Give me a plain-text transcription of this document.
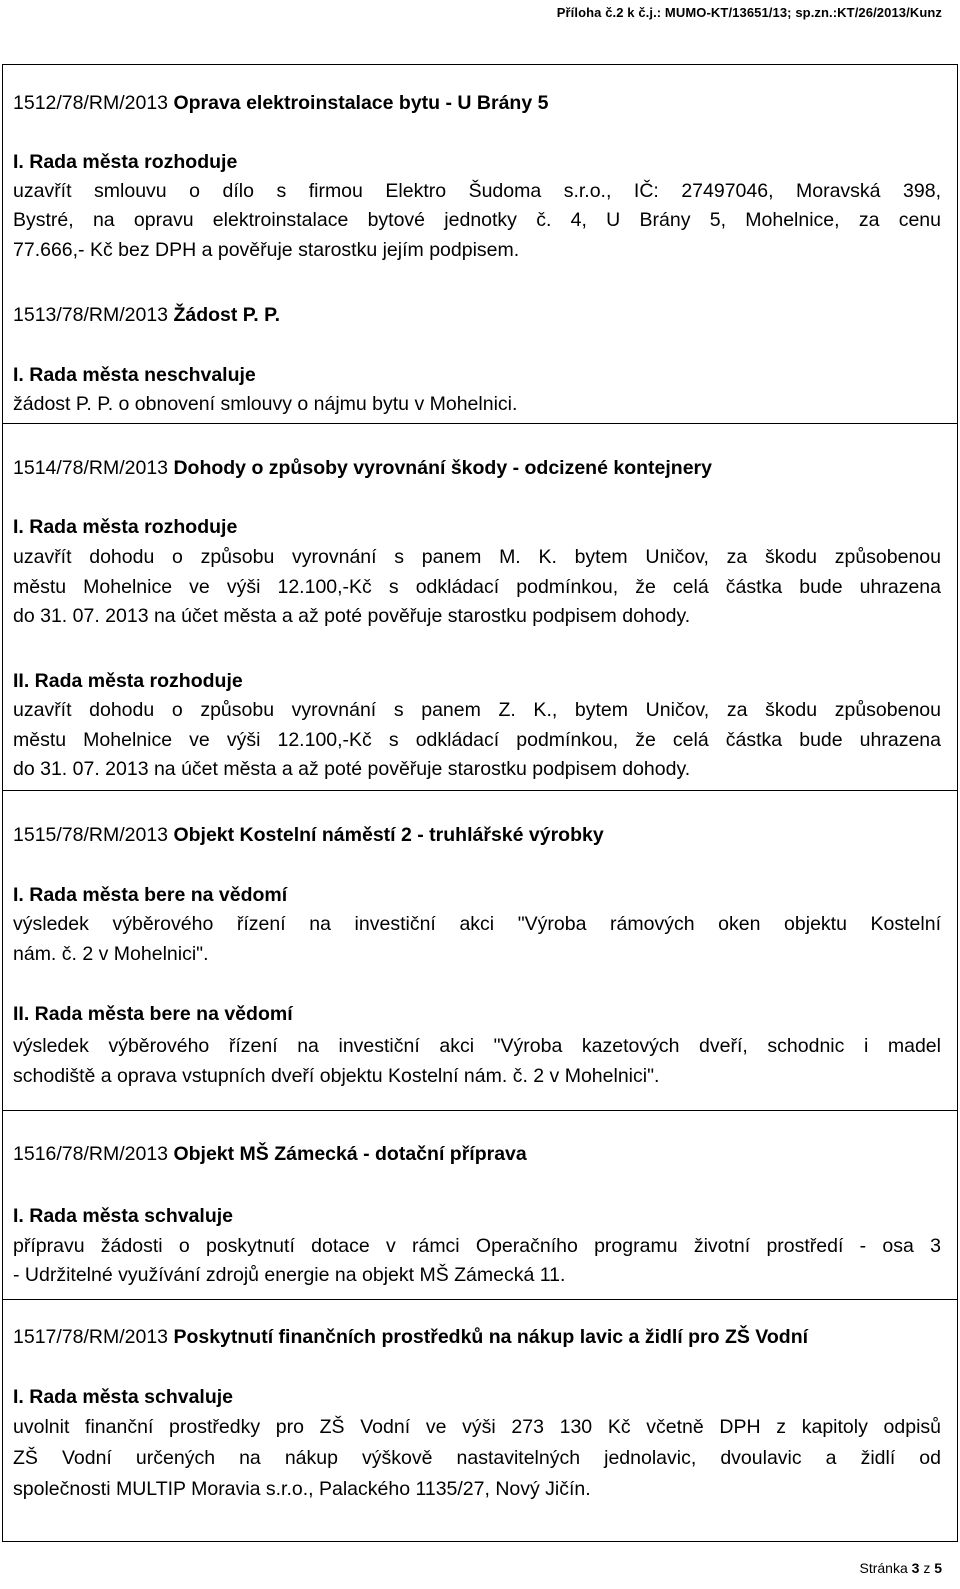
Příloha č.2 k č.j.: MUMO-KT/13651/13; sp.zn.:KT/26/2013/Kunz
1512/78/RM/2013 Oprava elektroinstalace bytu - U Brány 5
I. Rada města rozhoduje
uzavřít smlouvu o dílo s firmou Elektro Šudoma s.r.o., IČ: 27497046, Moravská 398,
Bystré, na opravu elektroinstalace bytové jednotky č. 4, U Brány 5, Mohelnice, za cenu
77.666,- Kč bez DPH a pověřuje starostku jejím podpisem.
1513/78/RM/2013 Žádost P. P.
I. Rada města neschvaluje
žádost P. P. o obnovení smlouvy o nájmu bytu v Mohelnici.
1514/78/RM/2013 Dohody o způsoby vyrovnání škody - odcizené kontejnery
I. Rada města rozhoduje
uzavřít dohodu o způsobu vyrovnání s panem M. K. bytem Uničov, za škodu způsobenou
městu Mohelnice ve výši 12.100,-Kč s odkládací podmínkou, že celá částka bude uhrazena
do 31. 07. 2013 na účet města a až poté pověřuje starostku podpisem dohody.
II. Rada města rozhoduje
uzavřít dohodu o způsobu vyrovnání s panem Z. K., bytem Uničov, za škodu způsobenou
městu Mohelnice ve výši 12.100,-Kč s odkládací podmínkou, že celá částka bude uhrazena
do 31. 07. 2013 na účet města a až poté pověřuje starostku podpisem dohody.
1515/78/RM/2013 Objekt Kostelní náměstí 2 - truhlářské výrobky
I. Rada města bere na vědomí
výsledek výběrového řízení na investiční akci "Výroba rámových oken objektu Kostelní
nám. č. 2 v Mohelnici".
II. Rada města bere na vědomí
výsledek výběrového řízení na investiční akci "Výroba kazetových dveří, schodnic i madel
schodiště a oprava vstupních dveří objektu Kostelní nám. č. 2 v Mohelnici".
1516/78/RM/2013 Objekt MŠ Zámecká - dotační příprava
I. Rada města schvaluje
přípravu žádosti o poskytnutí dotace v rámci Operačního programu životní prostředí - osa 3
- Udržitelné využívání zdrojů energie na objekt MŠ Zámecká 11.
1517/78/RM/2013 Poskytnutí finančních prostředků na nákup lavic a židlí pro ZŠ Vodní
I. Rada města schvaluje
uvolnit finanční prostředky pro ZŠ Vodní ve výši 273 130 Kč včetně DPH z kapitoly odpisů
ZŠ Vodní určených na nákup výškově nastavitelných jednolavic, dvoulavic a židlí od
společnosti MULTIP Moravia s.r.o., Palackého 1135/27, Nový Jičín.
Stránka 3 z 5
